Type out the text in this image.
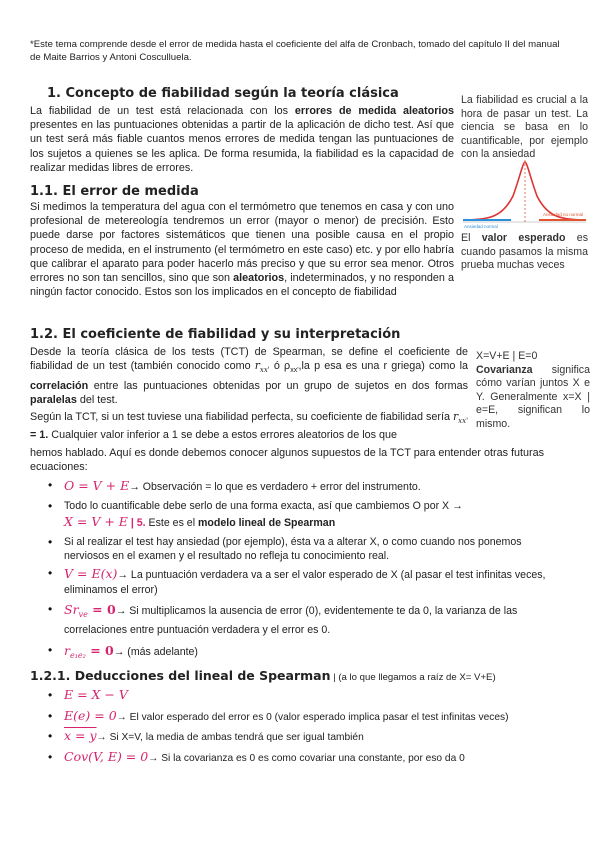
*Este tema comprende desde el error de medida hasta el coeficiente del alfa de Cronbach, tomado del capítulo II del manual de Maite Barrios y Antoni Cosculluela.
1. Concepto de fiabilidad según la teoría clásica
La fiabilidad de un test está relacionada con los errores de medida aleatorios presentes en las puntuaciones obtenidas a partir de la aplicación de dicho test. Así que un test será más fiable cuantos menos errores de medida tengan las puntuaciones de los sujetos a quienes se les aplica. De forma resumida, la fiabilidad es la capacidad de realizar medidas libres de errores.
1.1. El error de medida
Si medimos la temperatura del agua con el termómetro que tenemos en casa y con uno profesional de metereología tendremos un error (mayor o menor) de precisión. Esto puede darse por factores sistemáticos que tienen una posible causa en el propio proceso de medida, en el instrumento (el termómetro en este caso) etc. y por ello habría que calibrar el aparato para poder hacerlo más preciso y que su error sea menor. Otros errores no son tan sencillos, sino que son aleatorios, indeterminados, y no responden a ningún factor conocido. Estos son los implicados en el concepto de fiabilidad
La fiabilidad es crucial a la hora de pasar un test. La ciencia se basa en lo cuantificable, por ejemplo con la ansiedad
Ansiedad normal
Ansiedad no normal
El valor esperado es cuando pasamos la misma prueba muchas veces
1.2. El coeficiente de fiabilidad y su interpretación
Desde la teoría clásica de los tests (TCT) de Spearman, se define el coeficiente de fiabilidad de un test (también conocido como $r_{xx'}$ ó $\rho_{xx'},la$ p esa es una r griega) como la correlación entre las puntuaciones obtenidas por un grupo de sujetos en dos formas paralelas del test.
Según la TCT, si un test tuviese una fiabilidad perfecta, su coeficiente de fiabilidad sería $r_{xx'} = 1$. Cualquier valor inferior a 1 se debe a estos errores aleatorios de los que
hemos hablado. Aquí es donde debemos conocer algunos supuestos de la TCT para entender otras futuras ecuaciones:
X=V+E | E=0
Covarianza significa cómo varían juntos X e Y. Generalmente x=X | e=E, significan lo mismo.
• O = V + E→ Observación = lo que es verdadero + error del instrumento.
• Todo lo cuantificable debe serlo de una forma exacta, así que cambiemos O por X →
X = V + E | 5. Este es el modelo lineal de Spearman
• Si al realizar el test hay ansiedad (por ejemplo), ésta va a alterar X, o como cuando nos ponemos nerviosos en el examen y el resultado no refleja tu conocimiento real.
• V = E(x)→ La puntuación verdadera va a ser el valor esperado de X (al pasar el test infinitas veces, eliminamos el error)
• $Sr_{ve} = 0\to Si$ multiplicamos la ausencia de error (0), evidentemente te da 0, la varianza de las correlaciones entre puntuación verdadera y el error es 0.
• $r_{e_1e_2} = 0\to$ (más adelante)
1.2.1. Deducciones del lineal de Spearman | (a lo que llegamos a raíz de X= V+E)
• E = X − V
• E(e) = 0→ El valor esperado del error es 0 (valor esperado implica pasar el test infinitas veces)
• x = y→ Si X=V, la media de ambas tendrá que ser igual también
• Cov(V, E) = 0→ Si la covarianza es 0 es como covariar una constante, por eso da 0
